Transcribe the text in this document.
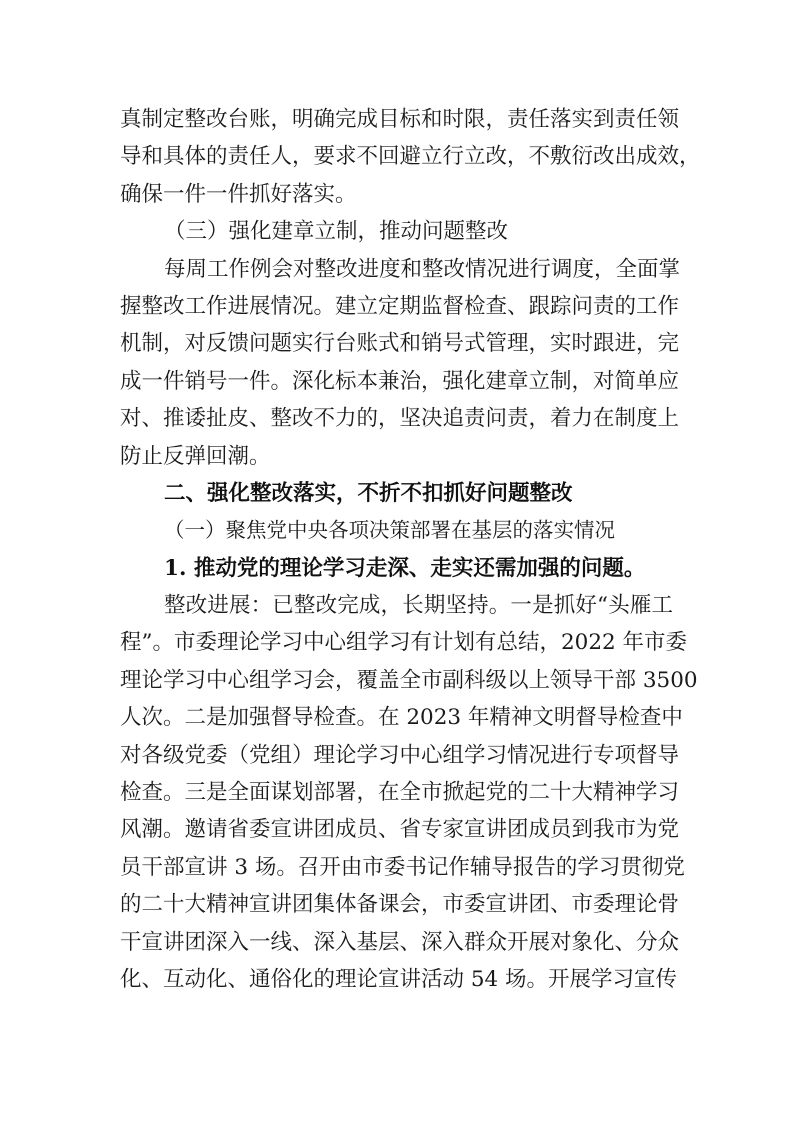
真制定整改台账，明确完成目标和时限，责任落实到责任领
导和具体的责任人，要求不回避立行立改，不敷衍改出成效，
确保一件一件抓好落实。
（三）强化建章立制，推动问题整改
每周工作例会对整改进度和整改情况进行调度，全面掌
握整改工作进展情况。建立定期监督检查、跟踪问责的工作
机制，对反馈问题实行台账式和销号式管理，实时跟进，完
成一件销号一件。深化标本兼治，强化建章立制，对简单应
对、推诿扯皮、整改不力的，坚决追责问责，着力在制度上
防止反弹回潮。
二、强化整改落实，不折不扣抓好问题整改
（一）聚焦党中央各项决策部署在基层的落实情况
1. 推动党的理论学习走深、走实还需加强的问题。
整改进展：已整改完成，长期坚持。一是抓好“头雁工
程”。市委理论学习中心组学习有计划有总结，2022 年市委
理论学习中心组学习会，覆盖全市副科级以上领导干部 3500
人次。二是加强督导检查。在 2023 年精神文明督导检查中
对各级党委（党组）理论学习中心组学习情况进行专项督导
检查。三是全面谋划部署，在全市掀起党的二十大精神学习
风潮。邀请省委宣讲团成员、省专家宣讲团成员到我市为党
员干部宣讲 3 场。召开由市委书记作辅导报告的学习贯彻党
的二十大精神宣讲团集体备课会，市委宣讲团、市委理论骨
干宣讲团深入一线、深入基层、深入群众开展对象化、分众
化、互动化、通俗化的理论宣讲活动 54 场。开展学习宣传
